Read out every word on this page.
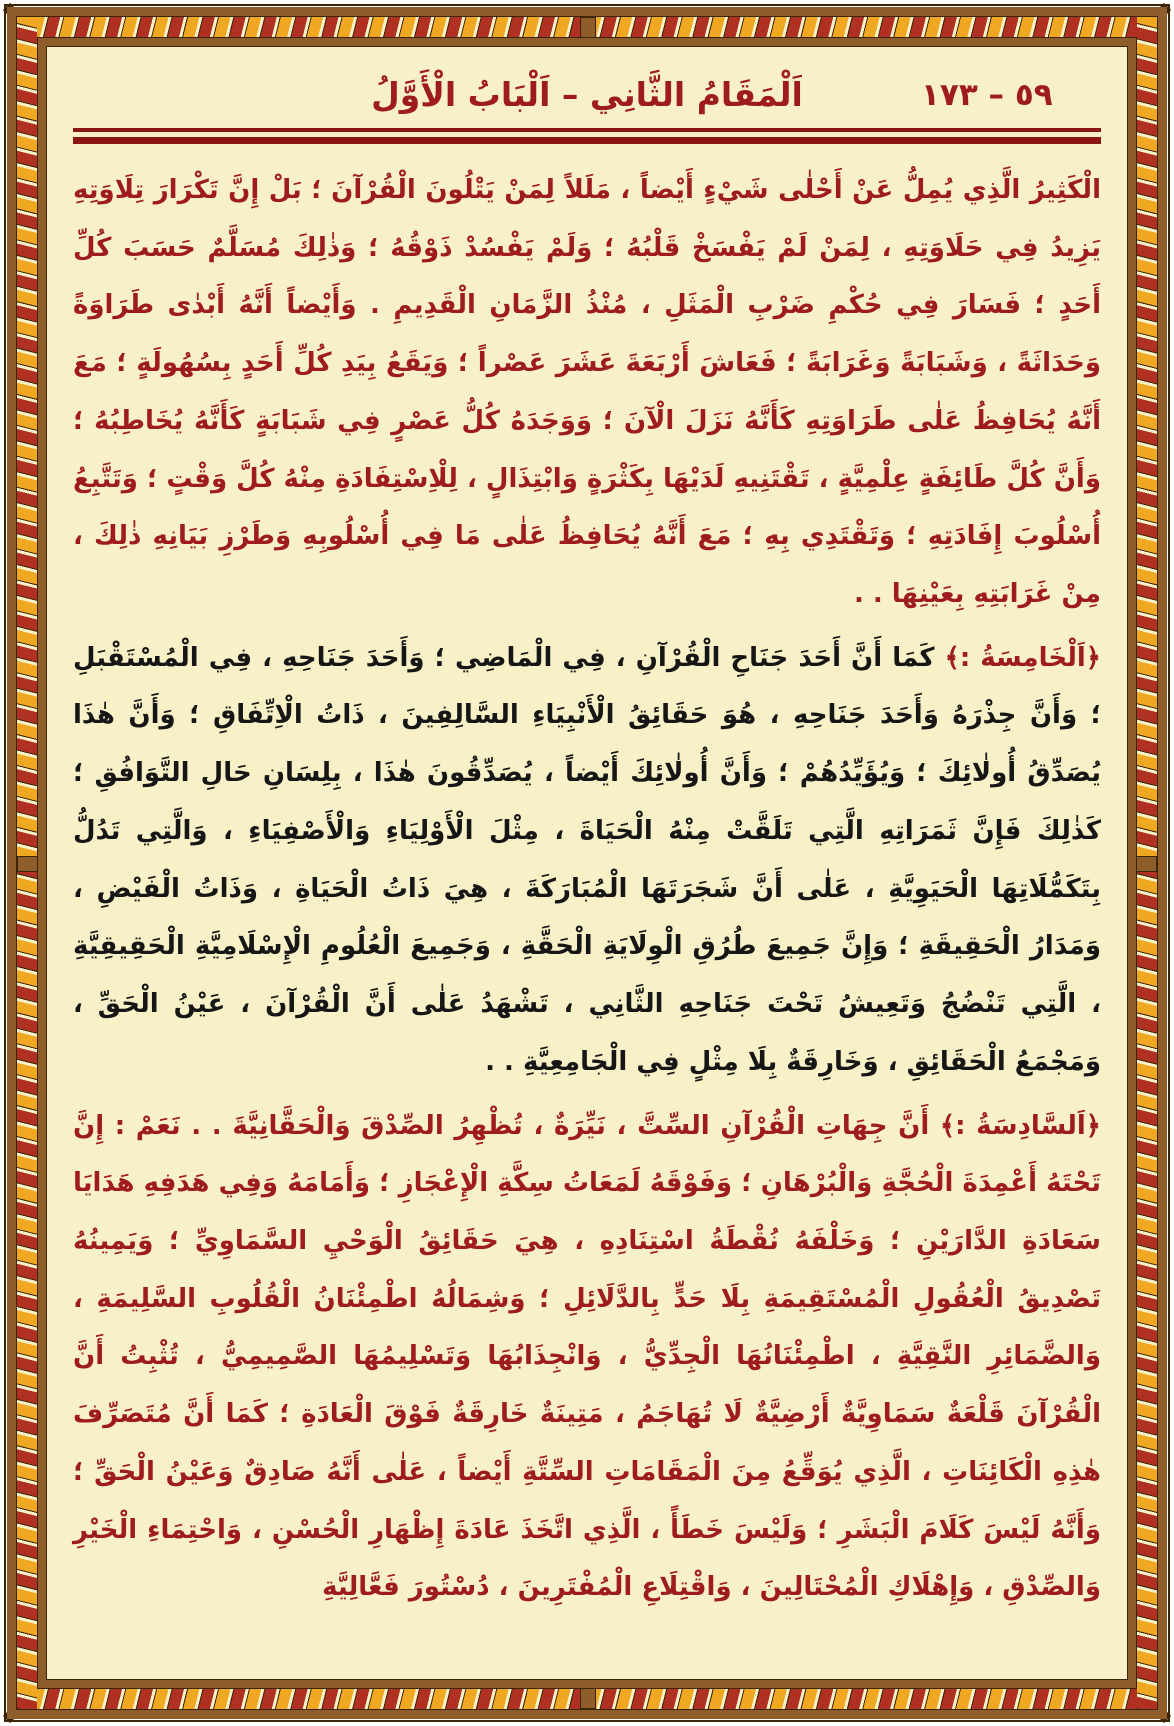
٥٩ – ١٧٣
اَلْمَقَامُ الثَّانِي – اَلْبَابُ الْأَوَّلُ

الْكَثِيرُ الَّذِي يُمِلُّ عَنْ أَحْلٰى شَيْءٍ أَيْضاً ، مَلَلاً لِمَنْ يَتْلُونَ الْقُرْآنَ ؛ بَلْ إِنَّ تَكْرَارَ تِلَاوَتِهِ يَزِيدُ فِي حَلَاوَتِهِ ، لِمَنْ لَمْ يَفْسَخْ قَلْبُهُ ؛ وَلَمْ يَفْسُدْ ذَوْقُهُ ؛ وَذٰلِكَ مُسَلَّمٌ حَسَبَ كُلِّ أَحَدٍ ؛ فَسَارَ فِي حُكْمِ ضَرْبِ الْمَثَلِ ، مُنْذُ الزَّمَانِ الْقَدِيمِ . وَأَيْضاً أَنَّهُ أَبْدٰى طَرَاوَةً وَحَدَاثَةً ، وَشَبَابَةً وَغَرَابَةً ؛ فَعَاشَ أَرْبَعَةَ عَشَرَ عَصْراً ؛ وَيَقَعُ بِيَدِ كُلِّ أَحَدٍ بِسُهُولَةٍ ؛ مَعَ أَنَّهُ يُحَافِظُ عَلٰى طَرَاوَتِهِ كَأَنَّهُ نَزَلَ الْآنَ ؛ وَوَجَدَهُ كُلُّ عَصْرٍ فِي شَبَابَةٍ كَأَنَّهُ يُخَاطِبُهُ ؛ وَأَنَّ كُلَّ طَائِفَةٍ عِلْمِيَّةٍ ، تَقْتَنِيهِ لَدَيْهَا بِكَثْرَةٍ وَابْتِذَالٍ ، لِلْاِسْتِفَادَةِ مِنْهُ كُلَّ وَقْتٍ ؛ وَتَتَّبِعُ أُسْلُوبَ إِفَادَتِهِ ؛ وَتَقْتَدِي بِهِ ؛ مَعَ أَنَّهُ يُحَافِظُ عَلٰى مَا فِي أُسْلُوبِهِ وَطَرْزِ بَيَانِهِ ذٰلِكَ ، مِنْ غَرَابَتِهِ بِعَيْنِهَا . .

﴿اَلْخَامِسَةُ :﴾ كَمَا أَنَّ أَحَدَ جَنَاحِ الْقُرْآنِ ، فِي الْمَاضِي ؛ وَأَحَدَ جَنَاحِهِ ، فِي الْمُسْتَقْبَلِ ؛ وَأَنَّ جِذْرَهُ وَأَحَدَ جَنَاحِهِ ، هُوَ حَقَائِقُ الْأَنْبِيَاءِ السَّالِفِينَ ، ذَاتُ الْاِتِّفَاقِ ؛ وَأَنَّ هٰذَا يُصَدِّقُ أُولٰائِكَ ؛ وَيُؤَيِّدُهُمْ ؛ وَأَنَّ أُولٰائِكَ أَيْضاً ، يُصَدِّقُونَ هٰذَا ، بِلِسَانِ حَالِ التَّوَافُقِ ؛ كَذٰلِكَ فَإِنَّ ثَمَرَاتِهِ الَّتِي تَلَقَّتْ مِنْهُ الْحَيَاةَ ، مِثْلَ الْأَوْلِيَاءِ وَالْأَصْفِيَاءِ ، وَالَّتِي تَدُلُّ بِتَكَمُّلَاتِهَا الْحَيَوِيَّةِ ، عَلٰى أَنَّ شَجَرَتَهَا الْمُبَارَكَةَ ، هِيَ ذَاتُ الْحَيَاةِ ، وَذَاتُ الْفَيْضِ ، وَمَدَارُ الْحَقِيقَةِ ؛ وَإِنَّ جَمِيعَ طُرُقِ الْوِلَايَةِ الْحَقَّةِ ، وَجَمِيعَ الْعُلُومِ الْإِسْلَامِيَّةِ الْحَقِيقِيَّةِ ، الَّتِي تَنْضُجُ وَتَعِيشُ تَحْتَ جَنَاحِهِ الثَّانِي ، تَشْهَدُ عَلٰى أَنَّ الْقُرْآنَ ، عَيْنُ الْحَقِّ ، وَمَجْمَعُ الْحَقَائِقِ ، وَخَارِقَةٌ بِلَا مِثْلٍ فِي الْجَامِعِيَّةِ . .

﴿اَلسَّادِسَةُ :﴾ أَنَّ جِهَاتِ الْقُرْآنِ السِّتَّ ، نَيِّرَةٌ ، تُظْهِرُ الصِّدْقَ وَالْحَقَّانِيَّةَ . . نَعَمْ : إِنَّ تَحْتَهُ أَعْمِدَةَ الْحُجَّةِ وَالْبُرْهَانِ ؛ وَفَوْقَهُ لَمَعَاتُ سِكَّةِ الْإِعْجَازِ ؛ وَأَمَامَهُ وَفِي هَدَفِهِ هَدَايَا سَعَادَةِ الدَّارَيْنِ ؛ وَخَلْفَهُ نُقْطَةُ اسْتِنَادِهِ ، هِيَ حَقَائِقُ الْوَحْيِ السَّمَاوِيِّ ؛ وَيَمِينُهُ تَصْدِيقُ الْعُقُولِ الْمُسْتَقِيمَةِ بِلَا حَدٍّ بِالدَّلَائِلِ ؛ وَشِمَالُهُ اطْمِئْنَانُ الْقُلُوبِ السَّلِيمَةِ ، وَالضَّمَائِرِ النَّقِيَّةِ ، اطْمِئْنَانُهَا الْجِدِّيُّ ، وَانْجِذَابُهَا وَتَسْلِيمُهَا الصَّمِيمِيُّ ، تُثْبِتُ أَنَّ الْقُرْآنَ قَلْعَةٌ سَمَاوِيَّةٌ أَرْضِيَّةٌ لَا تُهَاجَمُ ، مَتِينَةٌ خَارِقَةٌ فَوْقَ الْعَادَةِ ؛ كَمَا أَنَّ مُتَصَرِّفَ هٰذِهِ الْكَائِنَاتِ ، الَّذِي يُوَقِّعُ مِنَ الْمَقَامَاتِ السِّتَّةِ أَيْضاً ، عَلٰى أَنَّهُ صَادِقٌ وَعَيْنُ الْحَقِّ ؛ وَأَنَّهُ لَيْسَ كَلَامَ الْبَشَرِ ؛ وَلَيْسَ خَطَأً ، الَّذِي اتَّخَذَ عَادَةَ إِظْهَارِ الْحُسْنِ ، وَاحْتِمَاءِ الْخَيْرِ وَالصِّدْقِ ، وَإِهْلَاكِ الْمُحْتَالِينَ ، وَاقْتِلَاعِ الْمُفْتَرِينَ ، دُسْتُورَ فَعَّالِيَّةِ
